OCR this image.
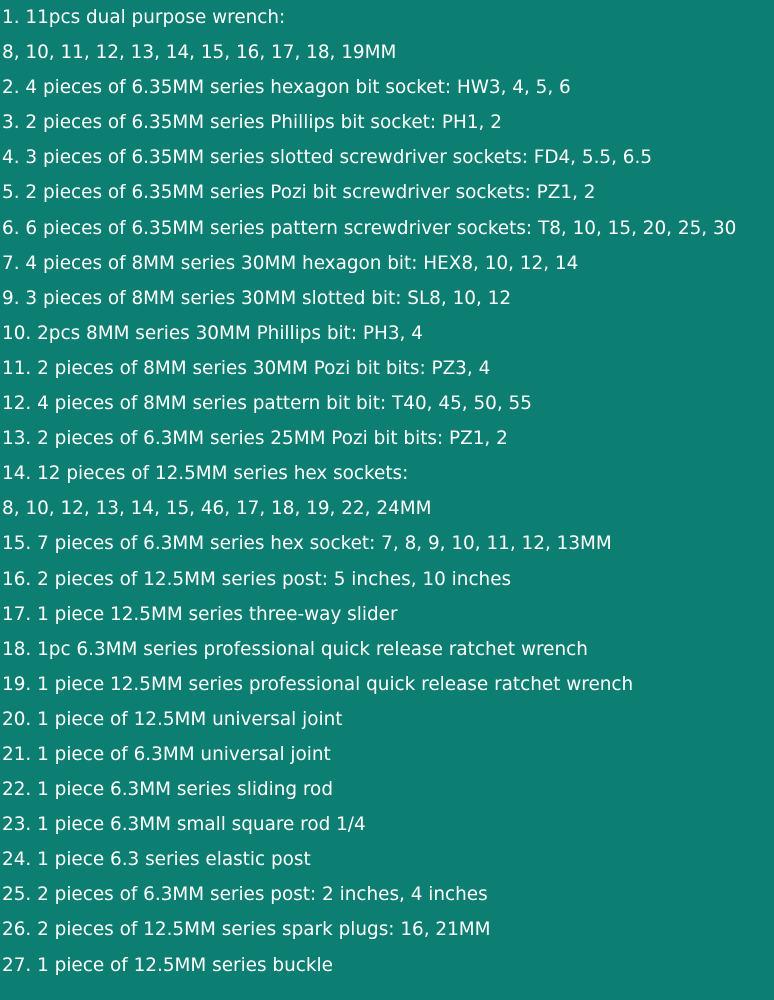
1. 11pcs dual purpose wrench:
8, 10, 11, 12, 13, 14, 15, 16, 17, 18, 19MM
2. 4 pieces of 6.35MM series hexagon bit socket: HW3, 4, 5, 6
3. 2 pieces of 6.35MM series Phillips bit socket: PH1, 2
4. 3 pieces of 6.35MM series slotted screwdriver sockets: FD4, 5.5, 6.5
5. 2 pieces of 6.35MM series Pozi bit screwdriver sockets: PZ1, 2
6. 6 pieces of 6.35MM series pattern screwdriver sockets: T8, 10, 15, 20, 25, 30
7. 4 pieces of 8MM series 30MM hexagon bit: HEX8, 10, 12, 14
9. 3 pieces of 8MM series 30MM slotted bit: SL8, 10, 12
10. 2pcs 8MM series 30MM Phillips bit: PH3, 4
11. 2 pieces of 8MM series 30MM Pozi bit bits: PZ3, 4
12. 4 pieces of 8MM series pattern bit bit: T40, 45, 50, 55
13. 2 pieces of 6.3MM series 25MM Pozi bit bits: PZ1, 2
14. 12 pieces of 12.5MM series hex sockets:
8, 10, 12, 13, 14, 15, 46, 17, 18, 19, 22, 24MM
15. 7 pieces of 6.3MM series hex socket: 7, 8, 9, 10, 11, 12, 13MM
16. 2 pieces of 12.5MM series post: 5 inches, 10 inches
17. 1 piece 12.5MM series three-way slider
18. 1pc 6.3MM series professional quick release ratchet wrench
19. 1 piece 12.5MM series professional quick release ratchet wrench
20. 1 piece of 12.5MM universal joint
21. 1 piece of 6.3MM universal joint
22. 1 piece 6.3MM series sliding rod
23. 1 piece 6.3MM small square rod 1/4
24. 1 piece 6.3 series elastic post
25. 2 pieces of 6.3MM series post: 2 inches, 4 inches
26. 2 pieces of 12.5MM series spark plugs: 16, 21MM
27. 1 piece of 12.5MM series buckle
